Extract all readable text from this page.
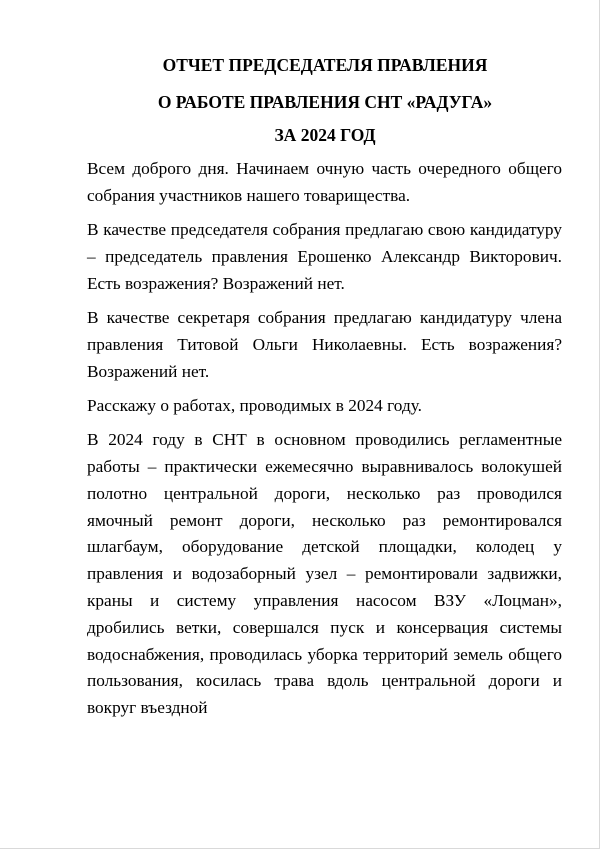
ОТЧЕТ ПРЕДСЕДАТЕЛЯ ПРАВЛЕНИЯ
О РАБОТЕ ПРАВЛЕНИЯ СНТ «РАДУГА»
ЗА 2024 ГОД

Всем доброго дня. Начинаем очную часть очередного общего собрания участников нашего товарищества.

В качестве председателя собрания предлагаю свою кандидатуру – председатель правления Ерошенко Александр Викторович. Есть возражения? Возражений нет.

В качестве секретаря собрания предлагаю кандидатуру члена правления Титовой Ольги Николаевны. Есть возражения? Возражений нет.

Расскажу о работах, проводимых в 2024 году.

В 2024 году в СНТ в основном проводились регламентные работы – практически ежемесячно выравнивалось волокушей полотно центральной дороги, несколько раз проводился ямочный ремонт дороги, несколько раз ремонтировался шлагбаум, оборудование детской площадки, колодец у правления и водозаборный узел – ремонтировали задвижки, краны и систему управления насосом ВЗУ «Лоцман», дробились ветки, совершался пуск и консервация системы водоснабжения, проводилась уборка территорий земель общего пользования, косилась трава вдоль центральной дороги и вокруг въездной
